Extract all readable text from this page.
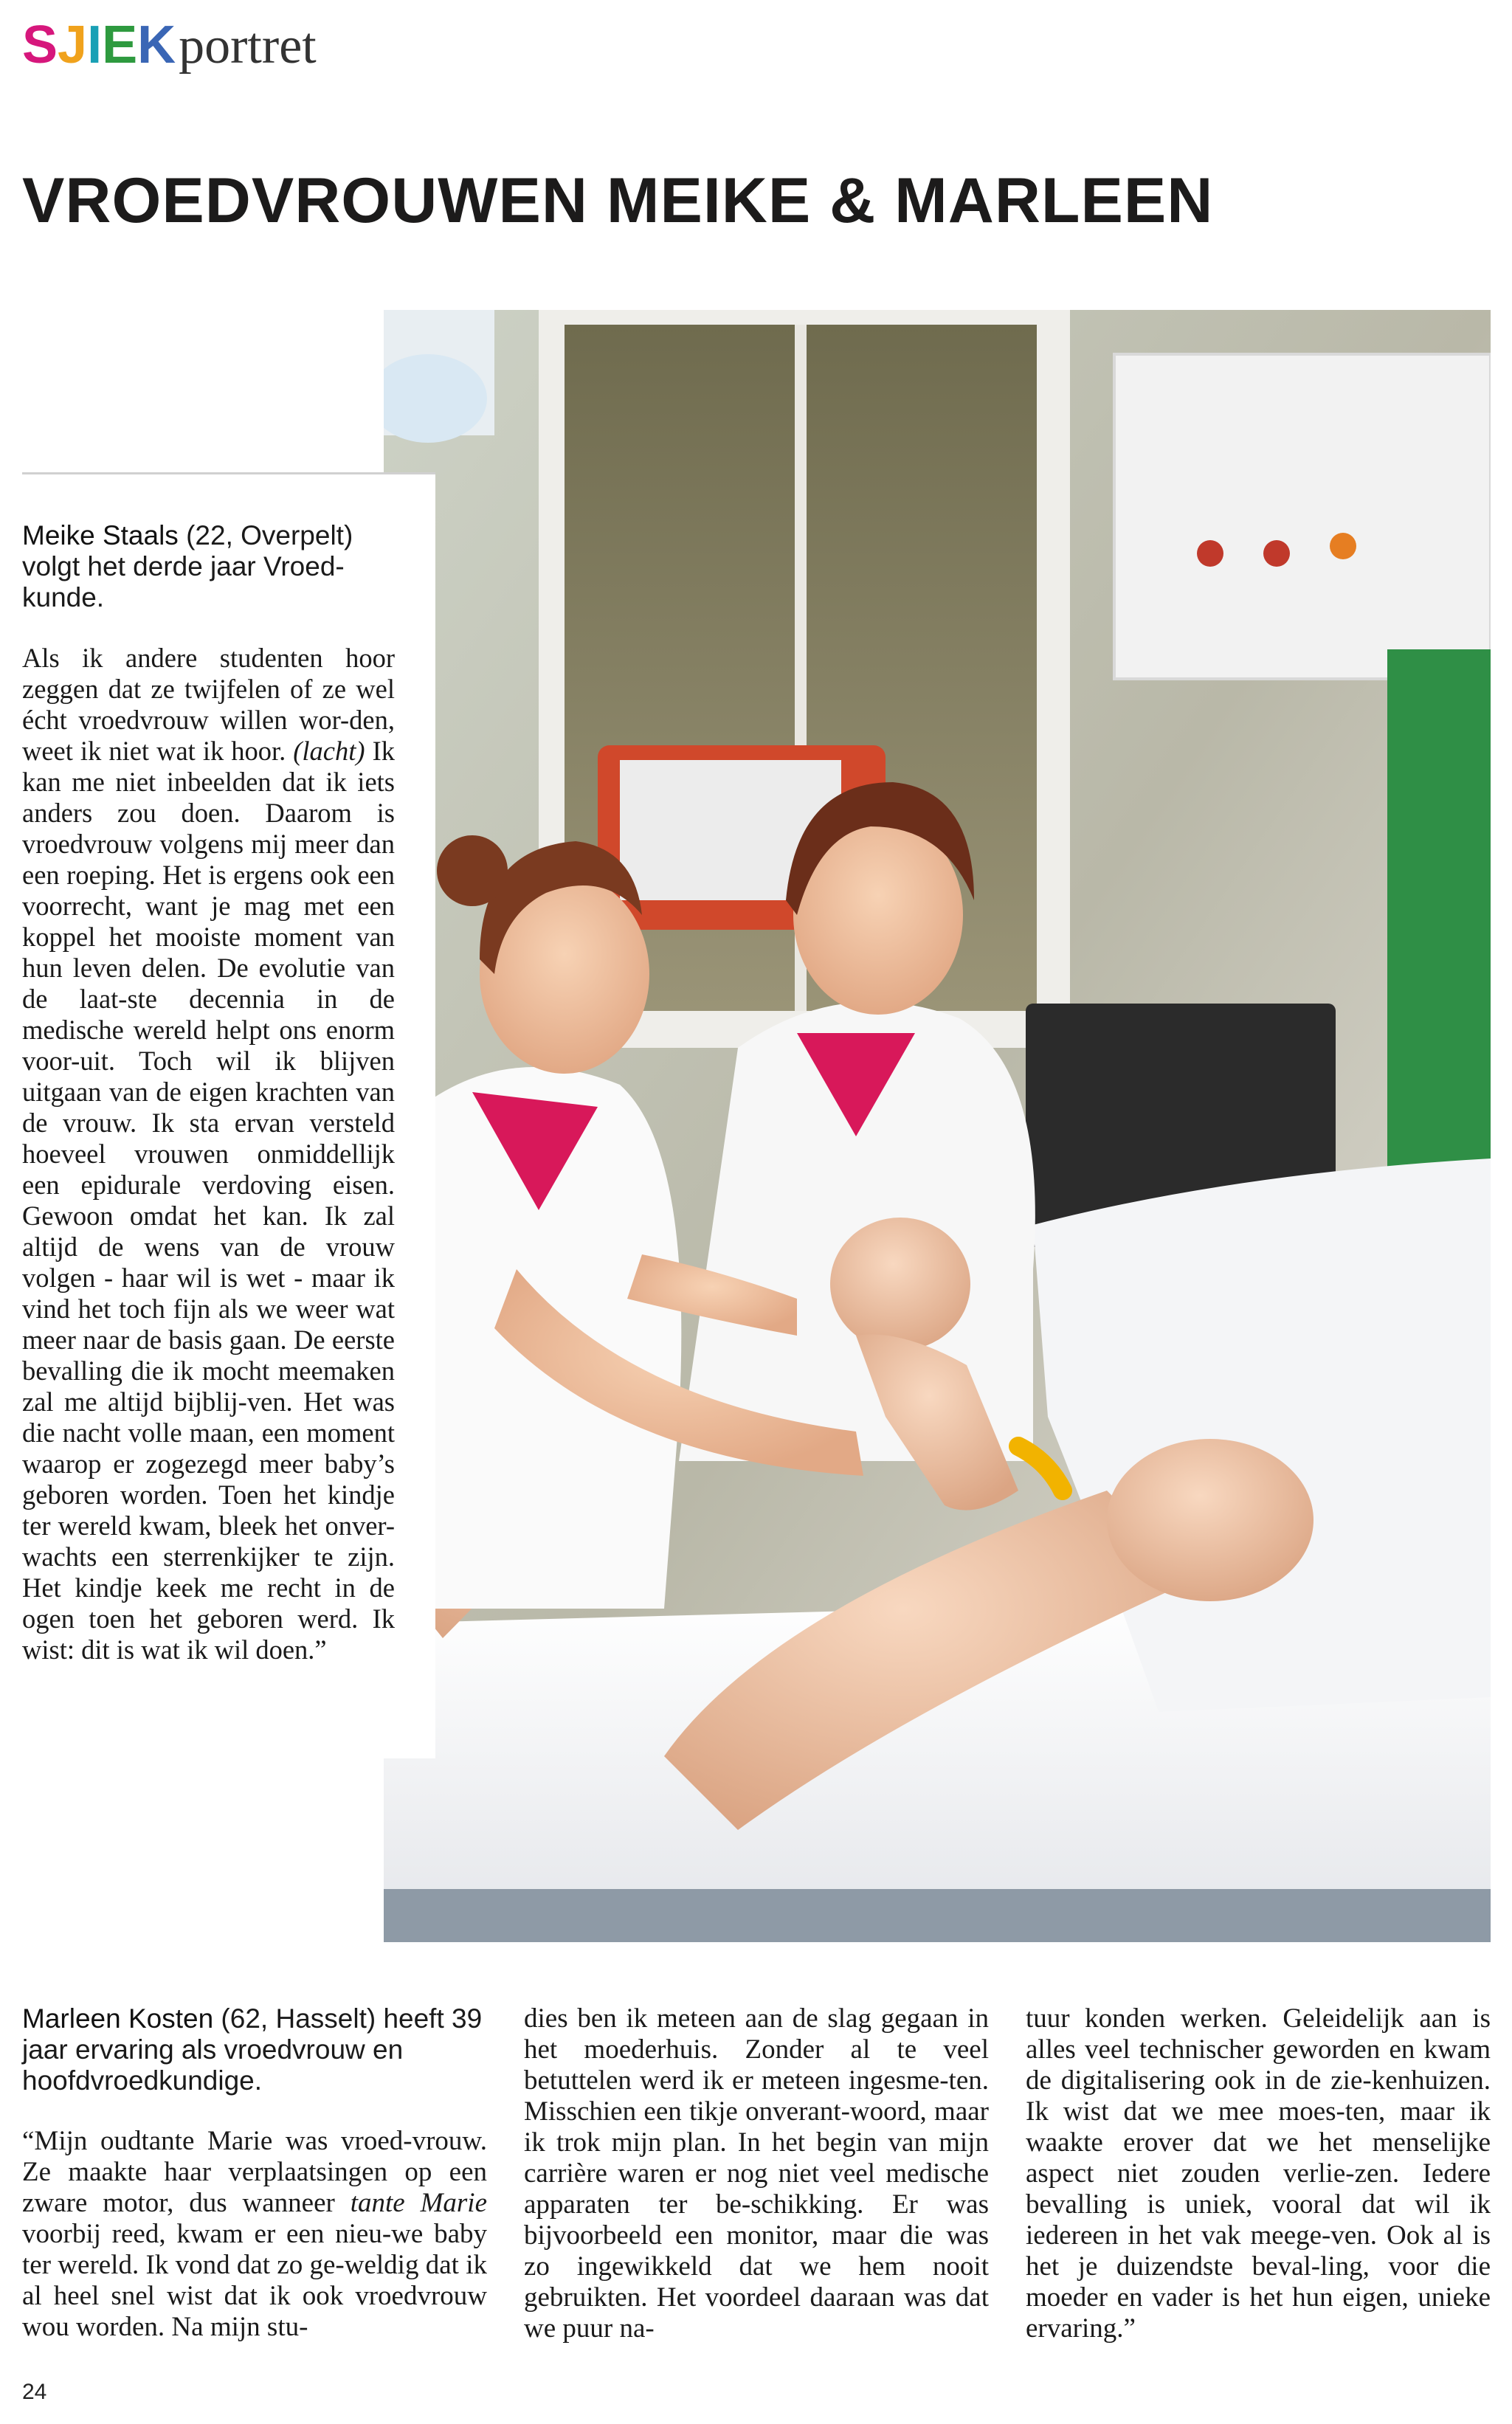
S J I E K portret
VROEDVROUWEN MEIKE & MARLEEN

Meike Staals (22, Overpelt) volgt het derde jaar Vroed-kunde.

Als ik andere studenten hoor zeggen dat ze twijfelen of ze wel écht vroedvrouw willen wor-den, weet ik niet wat ik hoor. (lacht) Ik kan me niet inbeelden dat ik iets anders zou doen. Daarom is vroedvrouw volgens mij meer dan een roeping. Het is ergens ook een voorrecht, want je mag met een koppel het mooiste moment van hun leven delen. De evolutie van de laat-ste decennia in de medische wereld helpt ons enorm voor-uit. Toch wil ik blijven uitgaan van de eigen krachten van de vrouw. Ik sta ervan versteld hoeveel vrouwen onmiddellijk een epidurale verdoving eisen. Gewoon omdat het kan. Ik zal altijd de wens van de vrouw volgen - haar wil is wet - maar ik vind het toch fijn als we weer wat meer naar de basis gaan. De eerste bevalling die ik mocht meemaken zal me altijd bijblij-ven. Het was die nacht volle maan, een moment waarop er zogezegd meer baby’s geboren worden. Toen het kindje ter wereld kwam, bleek het onver-wachts een sterrenkijker te zijn. Het kindje keek me recht in de ogen toen het geboren werd. Ik wist: dit is wat ik wil doen.”

Marleen Kosten (62, Hasselt) heeft 39 jaar ervaring als vroedvrouw en hoofdvroedkundige.

“Mijn oudtante Marie was vroed-vrouw. Ze maakte haar verplaatsingen op een zware motor, dus wanneer tante Marie voorbij reed, kwam er een nieu-we baby ter wereld. Ik vond dat zo ge-weldig dat ik al heel snel wist dat ik ook vroedvrouw wou worden. Na mijn stu-

dies ben ik meteen aan de slag gegaan in het moederhuis. Zonder al te veel betuttelen werd ik er meteen ingesme-ten. Misschien een tikje onverant-woord, maar ik trok mijn plan. In het begin van mijn carrière waren er nog niet veel medische apparaten ter be-schikking. Er was bijvoorbeeld een monitor, maar die was zo ingewikkeld dat we hem nooit gebruikten. Het voordeel daaraan was dat we puur na-

tuur konden werken. Geleidelijk aan is alles veel technischer geworden en kwam de digitalisering ook in de zie-kenhuizen. Ik wist dat we mee moes-ten, maar ik waakte erover dat we het menselijke aspect niet zouden verlie-zen. Iedere bevalling is uniek, vooral dat wil ik iedereen in het vak meege-ven. Ook al is het je duizendste beval-ling, voor die moeder en vader is het hun eigen, unieke ervaring.”

24
